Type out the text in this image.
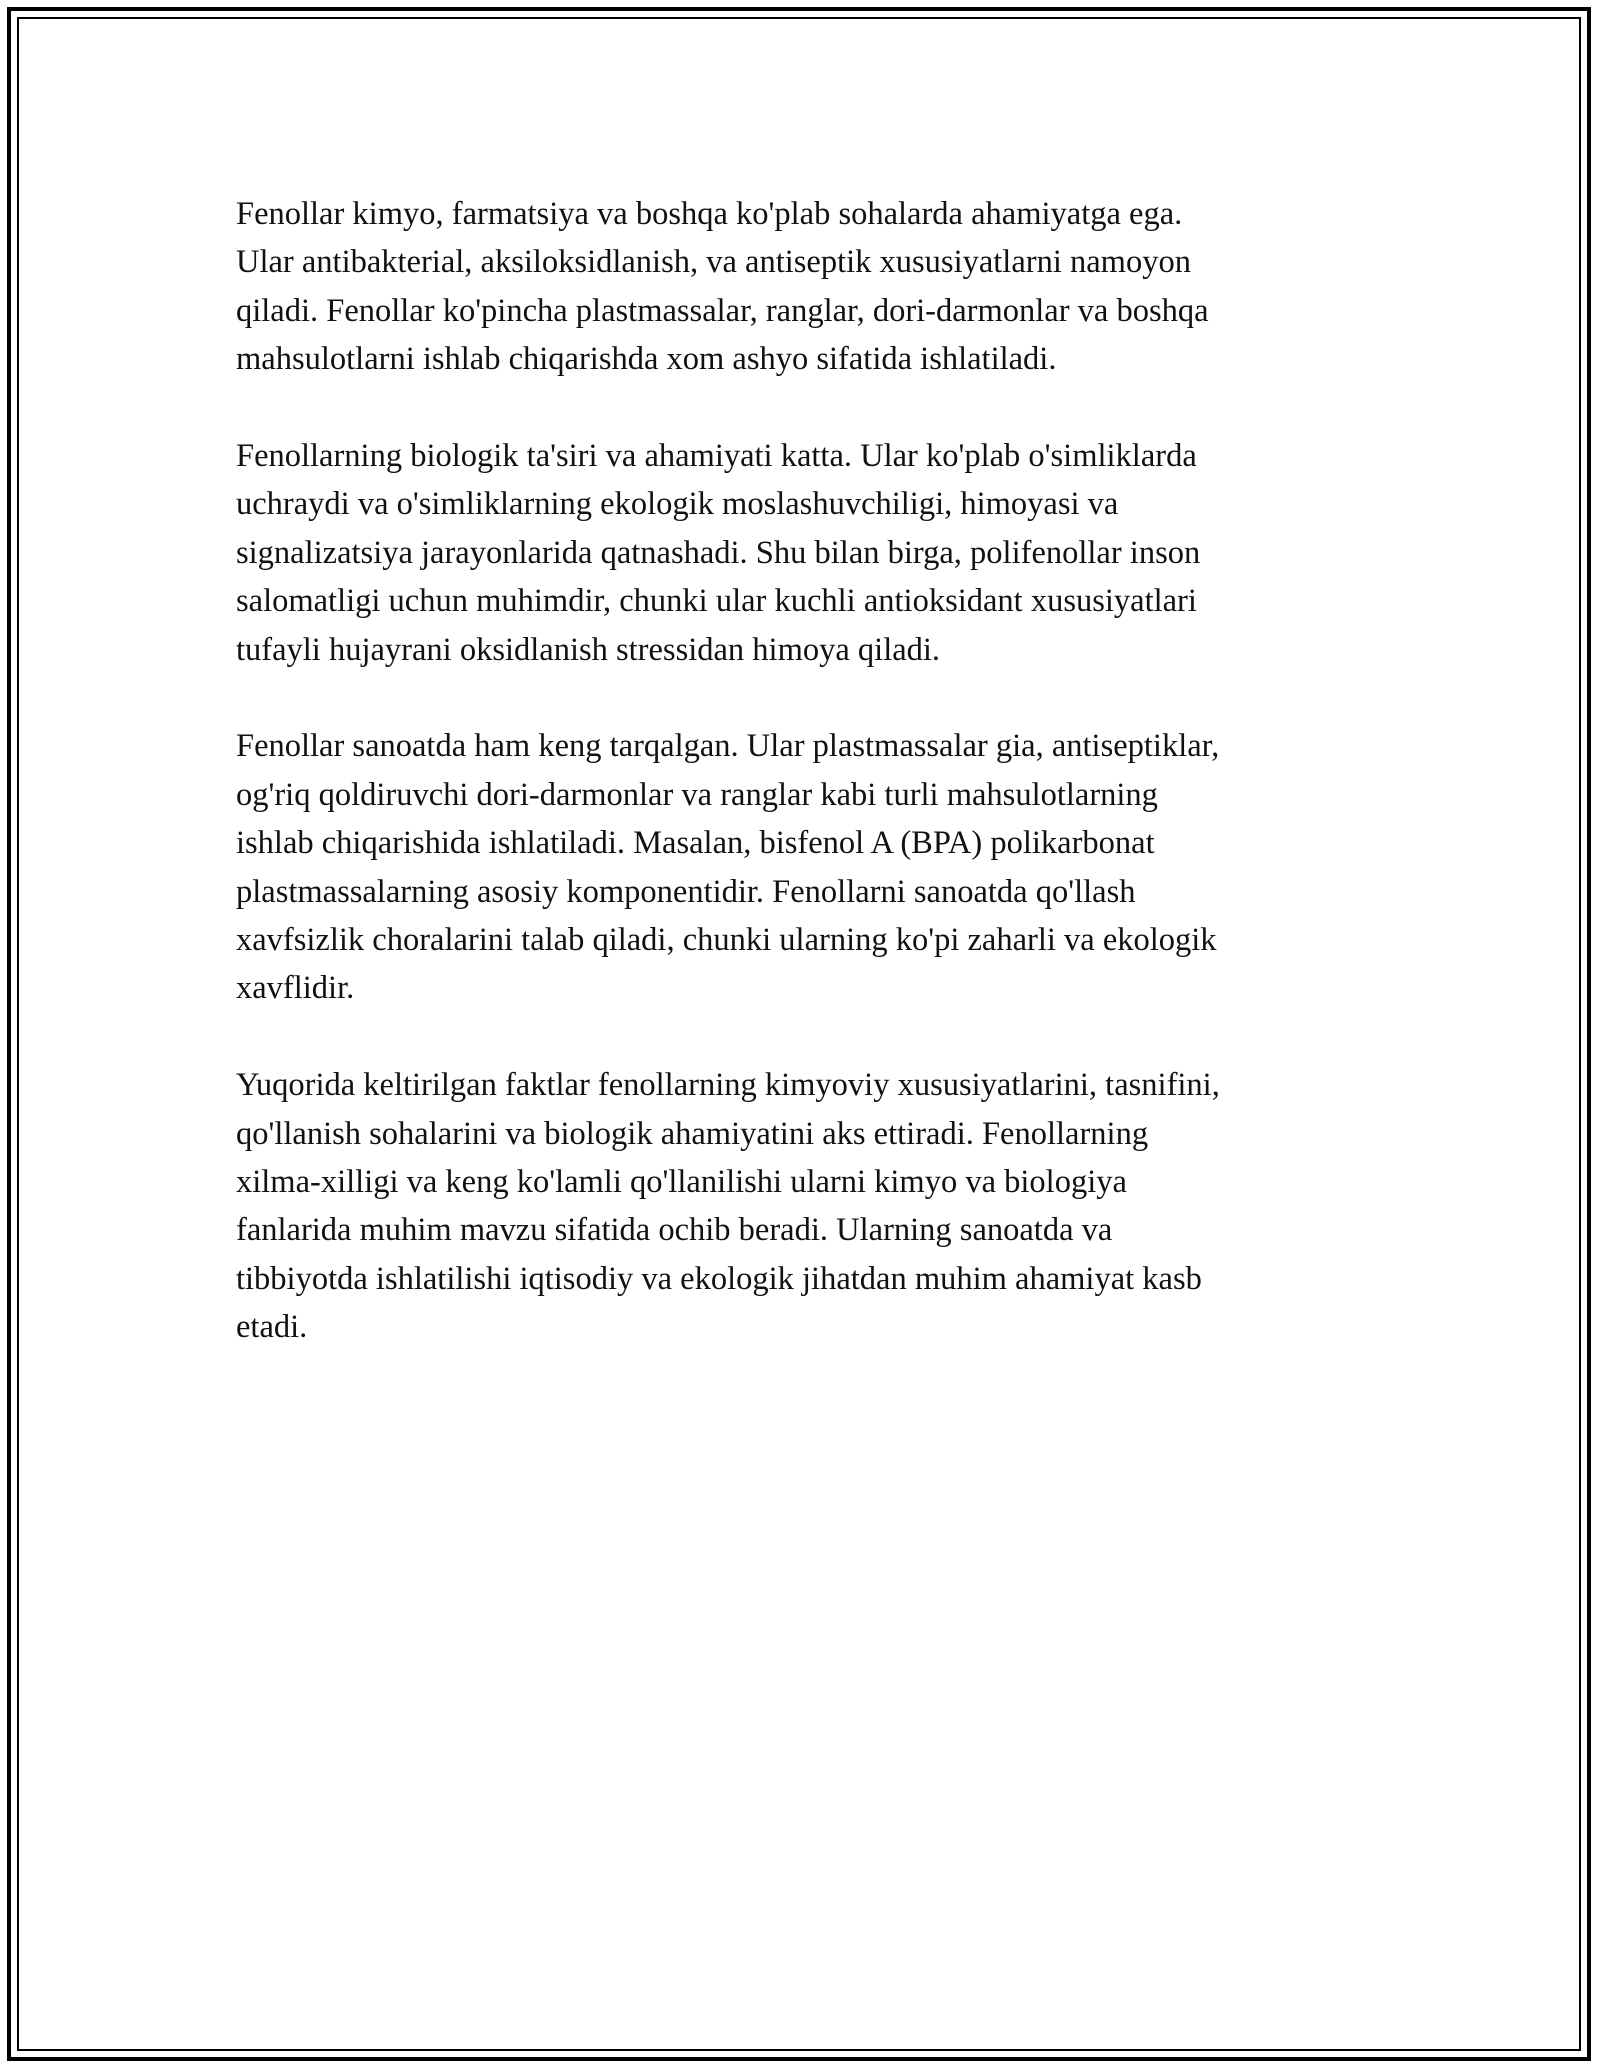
Fenollar kimyo, farmatsiya va boshqa ko'plab sohalarda ahamiyatga ega.
Ular antibakterial, aksiloksidlanish, va antiseptik xususiyatlarni namoyon
qiladi. Fenollar ko'pincha plastmassalar, ranglar, dori-darmonlar va boshqa
mahsulotlarni ishlab chiqarishda xom ashyo sifatida ishlatiladi.

Fenollarning biologik ta'siri va ahamiyati katta. Ular ko'plab o'simliklarda
uchraydi va o'simliklarning ekologik moslashuvchiligi, himoyasi va
signalizatsiya jarayonlarida qatnashadi. Shu bilan birga, polifenollar inson
salomatligi uchun muhimdir, chunki ular kuchli antioksidant xususiyatlari
tufayli hujayrani oksidlanish stressidan himoya qiladi.

Fenollar sanoatda ham keng tarqalgan. Ular plastmassalar gia, antiseptiklar,
og'riq qoldiruvchi dori-darmonlar va ranglar kabi turli mahsulotlarning
ishlab chiqarishida ishlatiladi. Masalan, bisfenol A (BPA) polikarbonat
plastmassalarning asosiy komponentidir. Fenollarni sanoatda qo'llash
xavfsizlik choralarini talab qiladi, chunki ularning ko'pi zaharli va ekologik
xavflidir.

Yuqorida keltirilgan faktlar fenollarning kimyoviy xususiyatlarini, tasnifini,
qo'llanish sohalarini va biologik ahamiyatini aks ettiradi. Fenollarning
xilma-xilligi va keng ko'lamli qo'llanilishi ularni kimyo va biologiya
fanlarida muhim mavzu sifatida ochib beradi. Ularning sanoatda va
tibbiyotda ishlatilishi iqtisodiy va ekologik jihatdan muhim ahamiyat kasb
etadi.
